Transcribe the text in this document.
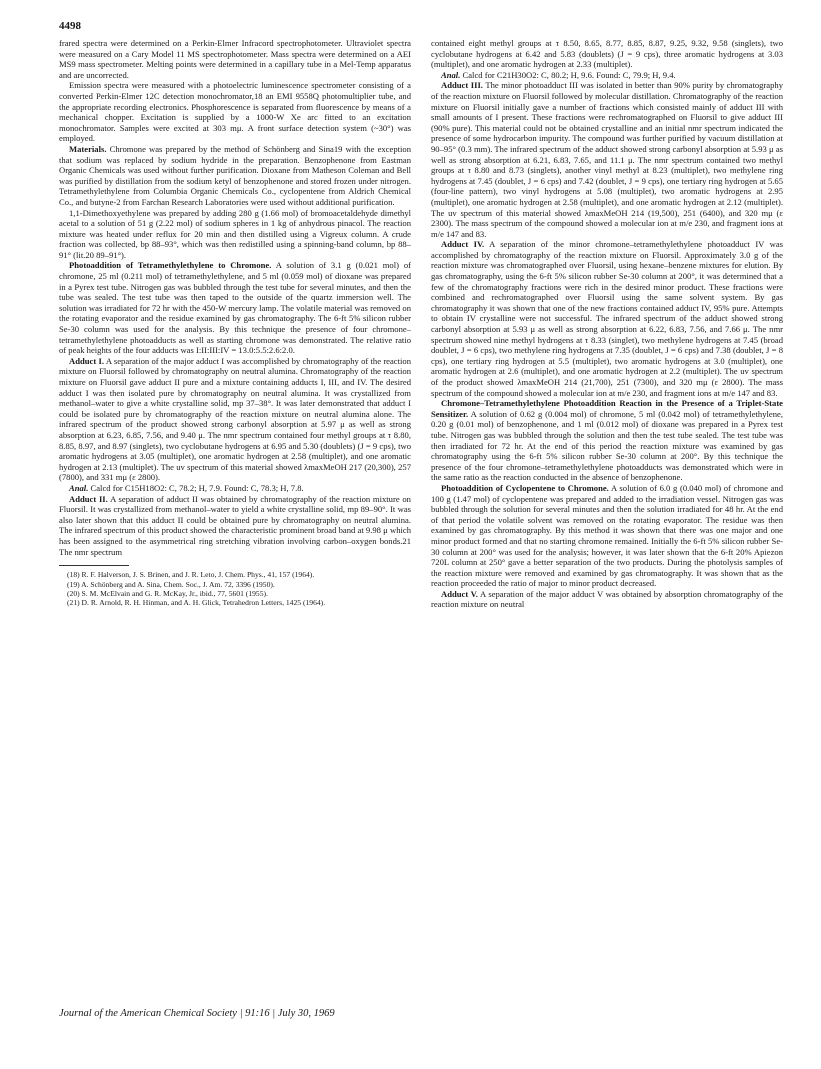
4498

frared spectra were determined on a Perkin-Elmer Infracord spectrophotometer. Ultraviolet spectra were measured on a Cary Model 11 MS spectrophotometer. Mass spectra were determined on a AEI MS9 mass spectrometer. Melting points were determined in a capillary tube in a Mel-Temp apparatus and are uncorrected.

Emission spectra were measured with a photoelectric luminescence spectrometer consisting of a converted Perkin-Elmer 12C detection monochromator,18 an EMI 9558Q photomultiplier tube, and the appropriate recording electronics. Phosphorescence is separated from fluorescence by means of a mechanical chopper. Excitation is supplied by a 1000-W Xe arc fitted to an excitation monochromator. Samples were excited at 303 mμ. A front surface detection system (~30°) was employed.

Materials. Chromone was prepared by the method of Schönberg and Sina19 with the exception that sodium was replaced by sodium hydride in the preparation. Benzophenone from Eastman Organic Chemicals was used without further purification. Dioxane from Matheson Coleman and Bell was purified by distillation from the sodium ketyl of benzophenone and stored frozen under nitrogen. Tetramethylethylene from Columbia Organic Chemicals Co., cyclopentene from Aldrich Chemical Co., and butyne-2 from Farchan Research Laboratories were used without additional purification.

1,1-Dimethoxyethylene was prepared by adding 280 g (1.66 mol) of bromoacetaldehyde dimethyl acetal to a solution of 51 g (2.22 mol) of sodium spheres in 1 kg of anhydrous pinacol. The reaction mixture was heated under reflux for 20 min and then distilled using a Vigreux column. A crude fraction was collected, bp 88–93°, which was then redistilled using a spinning-band column, bp 88–91° (lit.20 89–91°).

Photoaddition of Tetramethylethylene to Chromone. A solution of 3.1 g (0.021 mol) of chromone, 25 ml (0.211 mol) of tetramethylethylene, and 5 ml (0.059 mol) of dioxane was prepared in a Pyrex test tube. Nitrogen gas was bubbled through the test tube for several minutes, and then the tube was sealed. The test tube was then taped to the outside of the quartz immersion well. The solution was irradiated for 72 hr with the 450-W mercury lamp. The volatile material was removed on the rotating evaporator and the residue examined by gas chromatography. The 6-ft 5% silicon rubber Se-30 column was used for the analysis. By this technique the presence of four chromone–tetramethylethylene photoadducts as well as starting chromone was demonstrated. The relative ratio of peak heights of the four adducts was I:II:III:IV = 13.0:5.5:2.6:2.0.

Adduct I. A separation of the major adduct I was accomplished by chromatography of the reaction mixture on Fluorsil followed by chromatography on neutral alumina. Chromatography of the reaction mixture on Fluorsil gave adduct II pure and a mixture containing adducts I, III, and IV. The desired adduct I was then isolated pure by chromatography on neutral alumina. It was crystallized from methanol–water to give a white crystalline solid, mp 37–38°. It was later demonstrated that adduct I could be isolated pure by chromatography of the reaction mixture on neutral alumina alone. The infrared spectrum of the product showed strong carbonyl absorption at 5.97 μ as well as strong absorption at 6.23, 6.85, 7.56, and 9.40 μ. The nmr spectrum contained four methyl groups at τ 8.80, 8.85, 8.97, and 8.97 (singlets), two cyclobutane hydrogens at 6.95 and 5.30 (doublets) (J = 9 cps), two aromatic hydrogens at 3.05 (multiplet), one aromatic hydrogen at 2.58 (multiplet), and one aromatic hydrogen at 2.13 (multiplet). The uv spectrum of this material showed λmaxMeOH 217 (20,300), 257 (7800), and 331 mμ (ε 2800).

Anal. Calcd for C15H18O2: C, 78.2; H, 7.9. Found: C, 78.3; H, 7.8.

Adduct II. A separation of adduct II was obtained by chromatography of the reaction mixture on Fluorsil. It was crystallized from methanol–water to yield a white crystalline solid, mp 89–90°. It was also later shown that this adduct II could be obtained pure by chromatography on neutral alumina. The infrared spectrum of this product showed the characteristic prominent broad band at 9.98 μ which has been assigned to the asymmetrical ring stretching vibration involving carbon–oxygen bonds.21 The nmr spectrum

(18) R. F. Halverson, J. S. Brinen, and J. R. Leto, J. Chem. Phys., 41, 157 (1964).

(19) A. Schönberg and A. Sina, Chem. Soc., J. Am. 72, 3396 (1950).

(20) S. M. McElvain and G. R. McKay, Jr., ibid., 77, 5601 (1955).

(21) D. R. Arnold, R. H. Hinman, and A. H. Glick, Tetrahedron Letters, 1425 (1964).

contained eight methyl groups at τ 8.50, 8.65, 8.77, 8.85, 8.87, 9.25, 9.32, 9.58 (singlets), two cyclobutane hydrogens at 6.42 and 5.83 (doublets) (J = 9 cps), three aromatic hydrogens at 3.03 (multiplet), and one aromatic hydrogen at 2.33 (multiplet).

Anal. Calcd for C21H30O2: C, 80.2; H, 9.6. Found: C, 79.9; H, 9.4.

Adduct III. The minor photoadduct III was isolated in better than 90% purity by chromatography of the reaction mixture on Fluorsil followed by molecular distillation. Chromatography of the reaction mixture on Fluorsil initially gave a number of fractions which consisted mainly of adduct III with small amounts of I present. These fractions were rechromatographed on Fluorsil to give adduct III (90% pure). This material could not be obtained crystalline and an initial nmr spectrum indicated the presence of some hydrocarbon impurity. The compound was further purified by vacuum distillation at 90–95° (0.3 mm). The infrared spectrum of the adduct showed strong carbonyl absorption at 5.93 μ as well as strong absorption at 6.21, 6.83, 7.65, and 11.1 μ. The nmr spectrum contained two methyl groups at τ 8.80 and 8.73 (singlets), another vinyl methyl at 8.23 (multiplet), two methylene ring hydrogens at 7.45 (doublet, J = 6 cps) and 7.42 (doublet, J = 9 cps), one tertiary ring hydrogen at 5.65 (four-line pattern), two vinyl hydrogens at 5.08 (multiplet), two aromatic hydrogens at 2.95 (multiplet), one aromatic hydrogen at 2.58 (multiplet), and one aromatic hydrogen at 2.12 (multiplet). The uv spectrum of this material showed λmaxMeOH 214 (19,500), 251 (6400), and 320 mμ (ε 2300). The mass spectrum of the compound showed a molecular ion at m/e 230, and fragment ions at m/e 147 and 83.

Adduct IV. A separation of the minor chromone–tetramethylethylene photoadduct IV was accomplished by chromatography of the reaction mixture on Fluorsil. Approximately 3.0 g of the reaction mixture was chromatographed over Fluorsil, using hexane–benzene mixtures for elution. By gas chromatography, using the 6-ft 5% silicon rubber Se-30 column at 200°, it was determined that a few of the chromatography fractions were rich in the desired minor product. These fractions were combined and rechromatographed over Fluorsil using the same solvent system. By gas chromatography it was shown that one of the new fractions contained adduct IV, 95% pure. Attempts to obtain IV crystalline were not successful. The infrared spectrum of the adduct showed strong carbonyl absorption at 5.93 μ as well as strong absorption at 6.22, 6.83, 7.56, and 7.66 μ. The nmr spectrum showed nine methyl hydrogens at τ 8.33 (singlet), two methylene hydrogens at 7.45 (broad doublet, J = 6 cps), two methylene ring hydrogens at 7.35 (doublet, J = 6 cps) and 7.38 (doublet, J = 8 cps), one tertiary ring hydrogen at 5.5 (multiplet), two aromatic hydrogens at 3.0 (multiplet), one aromatic hydrogen at 2.6 (multiplet), and one aromatic hydrogen at 2.2 (multiplet). The uv spectrum of the product showed λmaxMeOH 214 (21,700), 251 (7300), and 320 mμ (ε 2800). The mass spectrum of the compound showed a molecular ion at m/e 230, and fragment ions at m/e 147 and 83.

Chromone–Tetramethylethylene Photoaddition Reaction in the Presence of a Triplet-State Sensitizer. A solution of 0.62 g (0.004 mol) of chromone, 5 ml (0.042 mol) of tetramethylethylene, 0.20 g (0.01 mol) of benzophenone, and 1 ml (0.012 mol) of dioxane was prepared in a Pyrex test tube. Nitrogen gas was bubbled through the solution and then the test tube sealed. The test tube was then irradiated for 72 hr. At the end of this period the reaction mixture was examined by gas chromatography using the 6-ft 5% silicon rubber Se-30 column at 200°. By this technique the presence of the four chromone–tetramethylethylene photoadducts was demonstrated which were in the same ratio as the reaction conducted in the absence of benzophenone.

Photoaddition of Cyclopentene to Chromone. A solution of 6.0 g (0.040 mol) of chromone and 100 g (1.47 mol) of cyclopentene was prepared and added to the irradiation vessel. Nitrogen gas was bubbled through the solution for several minutes and then the solution irradiated for 48 hr. At the end of that period the volatile solvent was removed on the rotating evaporator. The residue was then examined by gas chromatography. By this method it was shown that there was one major and one minor product formed and that no starting chromone remained. Initially the 6-ft 5% silicon rubber Se-30 column at 200° was used for the analysis; however, it was later shown that the 6-ft 20% Apiezon 720L column at 250° gave a better separation of the two products. During the photolysis samples of the reaction mixture were removed and examined by gas chromatography. It was shown that as the reaction proceeded the ratio of major to minor product decreased.

Adduct V. A separation of the major adduct V was obtained by absorption chromatography of the reaction mixture on neutral

Journal of the American Chemical Society | 91:16 | July 30, 1969
